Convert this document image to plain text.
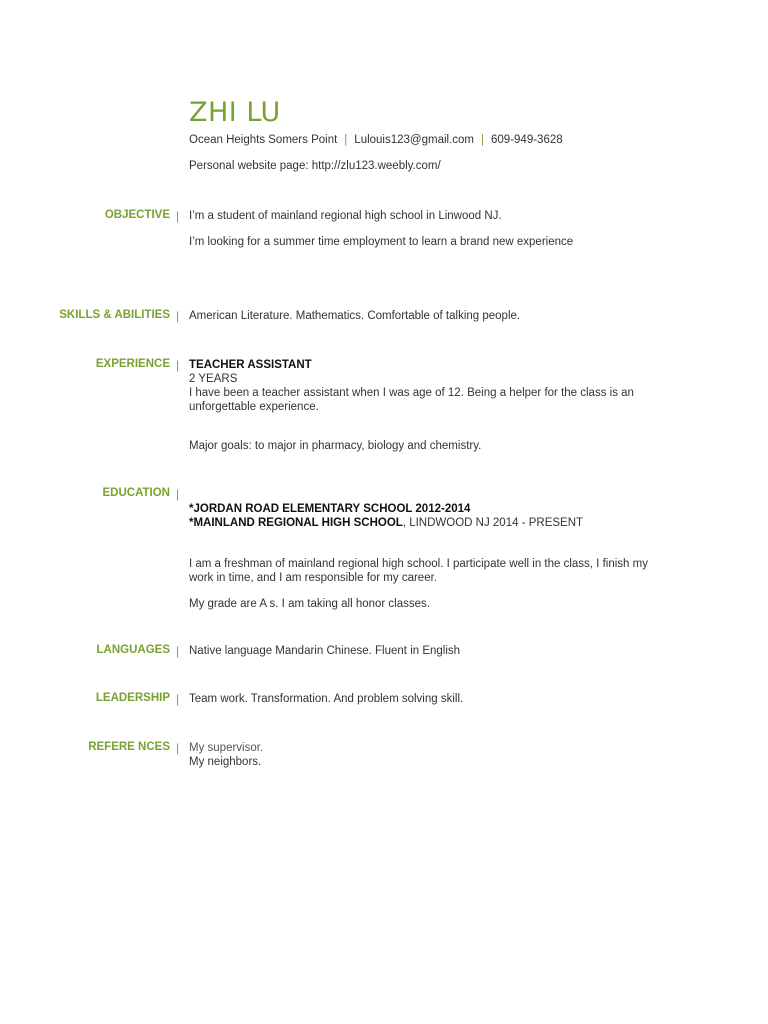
ZHI LU
Ocean Heights Somers Point | Lulouis123@gmail.com | 609-949-3628
Personal website page: http://zlu123.weebly.com/
OBJECTIVE | I’m a student of mainland regional high school in Linwood NJ.

I’m looking for a summer time employment to learn a brand new experience

SKILLS & ABILITIES | American Literature. Mathematics. Comfortable of talking people.

EXPERIENCE | TEACHER ASSISTANT

2 YEARS

I have been a teacher assistant when I was age of 12. Being a helper for the class is an unforgettable experience.

Major goals: to major in pharmacy, biology and chemistry.

EDUCATION |

*JORDAN ROAD ELEMENTARY SCHOOL 2012-2014

*MAINLAND REGIONAL HIGH SCHOOL, LINDWOOD NJ 2014 - PRESENT

I am a freshman of mainland regional high school. I participate well in the class, I finish my work in time, and I am responsible for my career.

My grade are A s. I am taking all honor classes.

LANGUAGES | Native language Mandarin Chinese. Fluent in English

LEADERSHIP | Team work. Transformation. And problem solving skill.

REFERE NCES | My supervisor.

My neighbors.
